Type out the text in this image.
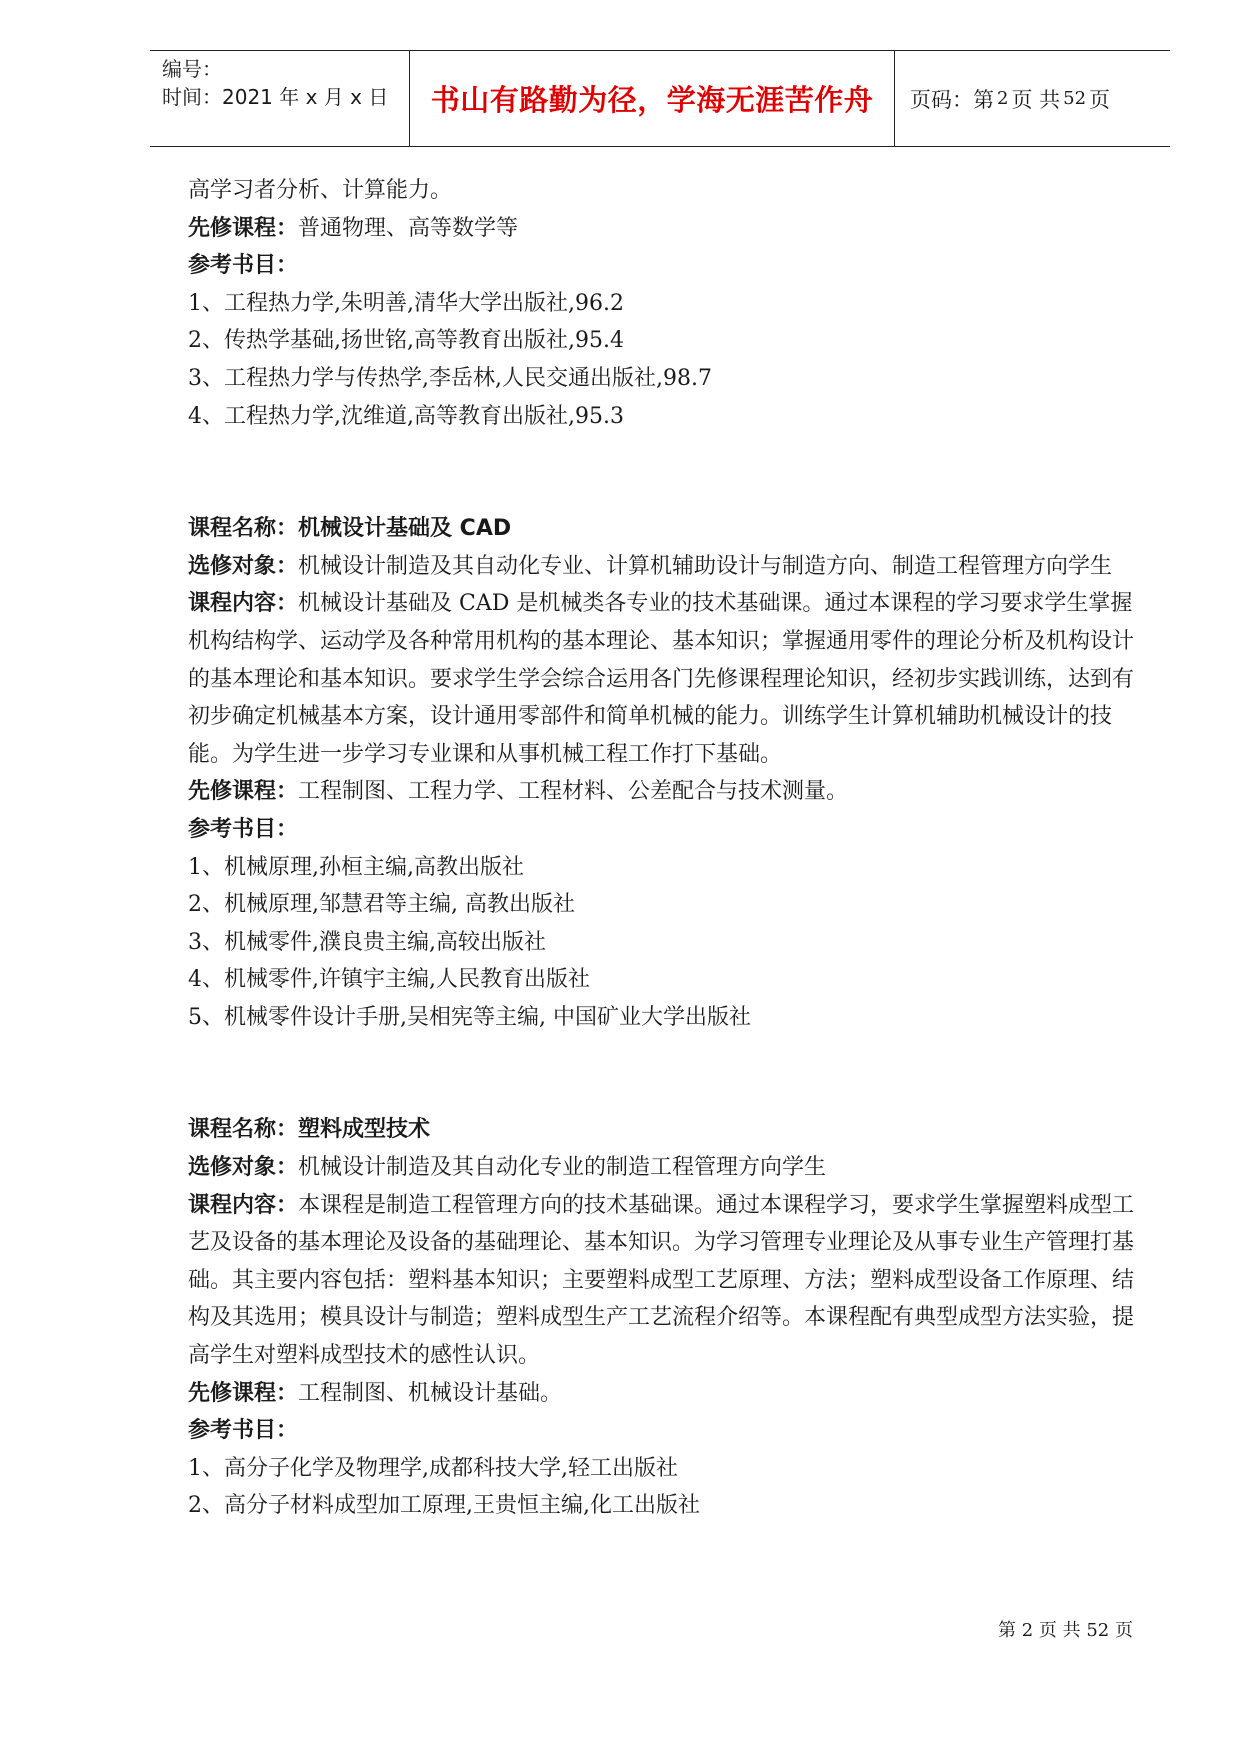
编号：
时间：2021 年 x 月 x 日	书山有路勤为径，学海无涯苦作舟	页码：第 2 页 共 52 页

高学习者分析、计算能力。

先修课程：普通物理、高等数学等

参考书目：

1、工程热力学,朱明善,清华大学出版社,96.2

2、传热学基础,扬世铭,高等教育出版社,95.4

3、工程热力学与传热学,李岳林,人民交通出版社,98.7

4、工程热力学,沈维道,高等教育出版社,95.3

课程名称：机械设计基础及 CAD

选修对象：机械设计制造及其自动化专业、计算机辅助设计与制造方向、制造工程管理方向学生

课程内容：机械设计基础及 CAD 是机械类各专业的技术基础课。通过本课程的学习要求学生掌握机构结构学、运动学及各种常用机构的基本理论、基本知识；掌握通用零件的理论分析及机构设计的基本理论和基本知识。要求学生学会综合运用各门先修课程理论知识，经初步实践训练，达到有初步确定机械基本方案，设计通用零部件和简单机械的能力。训练学生计算机辅助机械设计的技能。为学生进一步学习专业课和从事机械工程工作打下基础。

先修课程：工程制图、工程力学、工程材料、公差配合与技术测量。

参考书目：

1、机械原理,孙桓主编,高教出版社

2、机械原理,邹慧君等主编, 高教出版社

3、机械零件,濮良贵主编,高较出版社

4、机械零件,许镇宇主编,人民教育出版社

5、机械零件设计手册,吴相宪等主编, 中国矿业大学出版社

课程名称：塑料成型技术

选修对象：机械设计制造及其自动化专业的制造工程管理方向学生

课程内容：本课程是制造工程管理方向的技术基础课。通过本课程学习，要求学生掌握塑料成型工艺及设备的基本理论及设备的基础理论、基本知识。为学习管理专业理论及从事专业生产管理打基础。其主要内容包括：塑料基本知识；主要塑料成型工艺原理、方法；塑料成型设备工作原理、结构及其选用；模具设计与制造；塑料成型生产工艺流程介绍等。本课程配有典型成型方法实验，提高学生对塑料成型技术的感性认识。

先修课程：工程制图、机械设计基础。

参考书目：

1、高分子化学及物理学,成都科技大学,轻工出版社

2、高分子材料成型加工原理,王贵恒主编,化工出版社

第 2 页 共 52 页
